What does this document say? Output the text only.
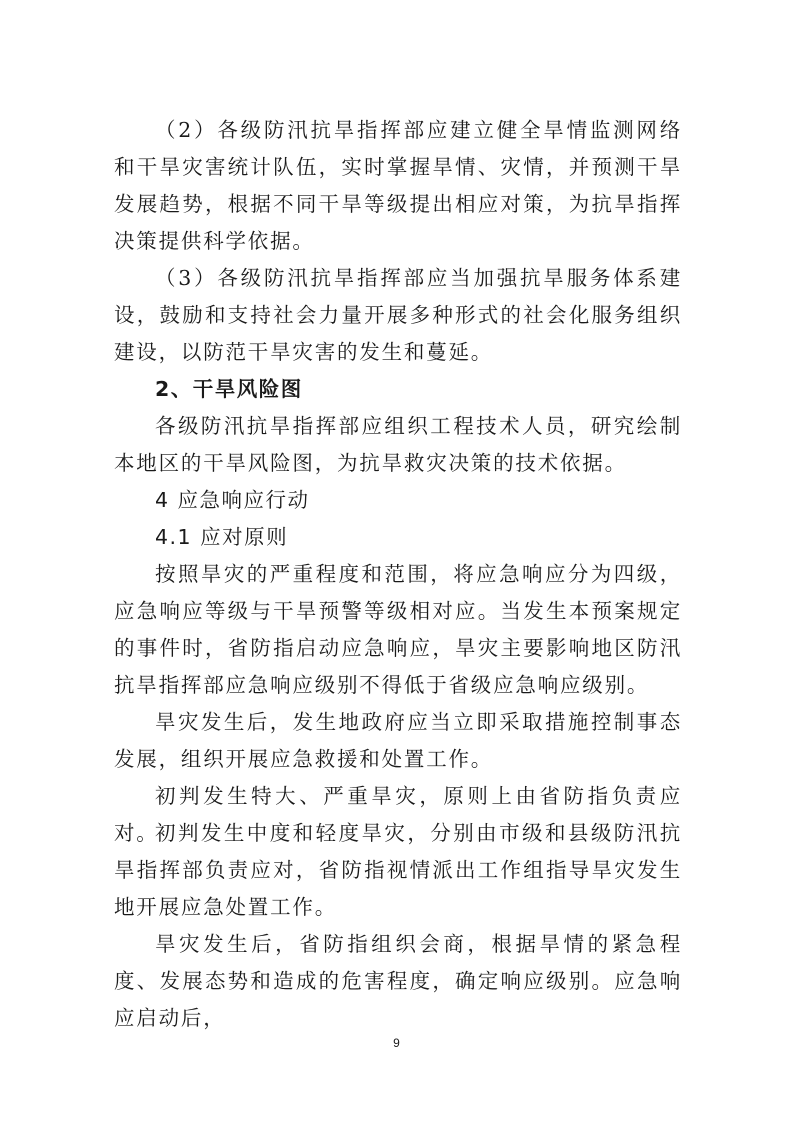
（2）各级防汛抗旱指挥部应建立健全旱情监测网络和干旱灾害统计队伍，实时掌握旱情、灾情，并预测干旱发展趋势，根据不同干旱等级提出相应对策，为抗旱指挥决策提供科学依据。

（3）各级防汛抗旱指挥部应当加强抗旱服务体系建设，鼓励和支持社会力量开展多种形式的社会化服务组织建设，以防范干旱灾害的发生和蔓延。

2、干旱风险图

各级防汛抗旱指挥部应组织工程技术人员，研究绘制本地区的干旱风险图，为抗旱救灾决策的技术依据。

4 应急响应行动

4.1 应对原则

按照旱灾的严重程度和范围，将应急响应分为四级，应急响应等级与干旱预警等级相对应。当发生本预案规定的事件时，省防指启动应急响应，旱灾主要影响地区防汛抗旱指挥部应急响应级别不得低于省级应急响应级别。

旱灾发生后，发生地政府应当立即采取措施控制事态发展，组织开展应急救援和处置工作。

初判发生特大、严重旱灾，原则上由省防指负责应对。

初判发生中度和轻度旱灾，分别由市级和县级防汛抗旱指挥部负责应对，省防指视情派出工作组指导旱灾发生地开展应急处置工作。

旱灾发生后，省防指组织会商，根据旱情的紧急程度、发展态势和造成的危害程度，确定响应级别。应急响应启动后，

9
